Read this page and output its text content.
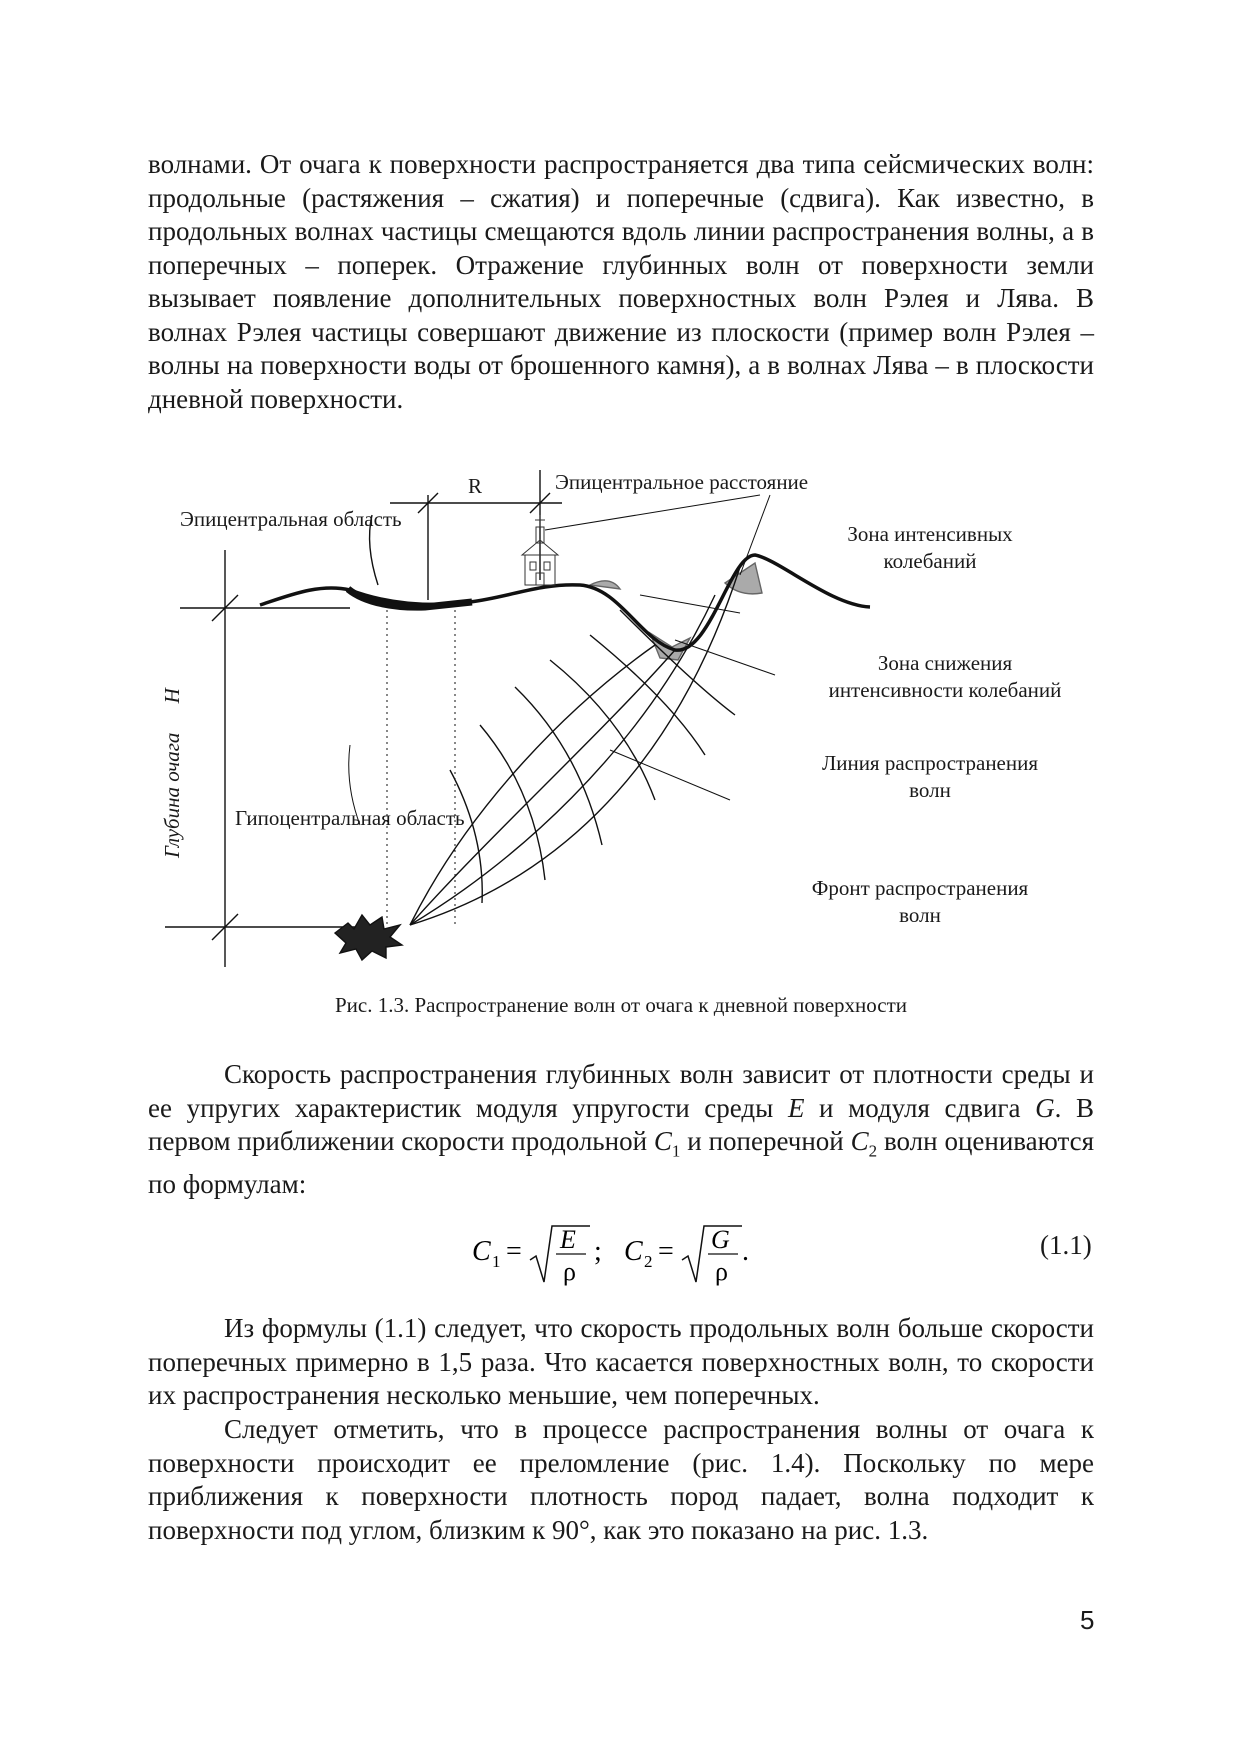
волнами. От очага к поверхности распространяется два типа сейсмических волн: продольные (растяжения – сжатия) и поперечные (сдвига). Как известно, в продольных волнах частицы смещаются вдоль линии распространения волны, а в поперечных – поперек. Отражение глубинных волн от поверхности земли вызывает появление дополнительных поверхностных волн Рэлея и Лява. В волнах Рэлея частицы совершают движение из плоскости (пример волн Рэлея – волны на поверхности воды от брошенного камня), а в волнах Лява – в плоскости дневной поверхности.

R	Эпицентральное расстояние
Эпицентральная область
Зона интенсивных
колебаний
Зона снижения
интенсивности колебаний
Линия распространения
волн
Гипоцентральная область
Фронт распространения
волн
Глубина очага H
Рис. 1.3. Распространение волн от очага к дневной поверхности

Скорость распространения глубинных волн зависит от плотности среды и ее упругих характеристик модуля упругости среды E и модуля сдвига G. В первом приближении скорости продольной $C_1$ и поперечной $C_2$ волн оцениваются по формулам:

C 1 = E
ρ
; C 2 = G
ρ
.	(1.1)

Из формулы (1.1) следует, что скорость продольных волн больше скорости поперечных примерно в 1,5 раза. Что касается поверхностных волн, то скорости их распространения несколько меньшие, чем поперечных.

Следует отметить, что в процессе распространения волны от очага к поверхности происходит ее преломление (рис. 1.4). Поскольку по мере приближения к поверхности плотность пород падает, волна подходит к поверхности под углом, близким к 90°, как это показано на рис. 1.3.

5
